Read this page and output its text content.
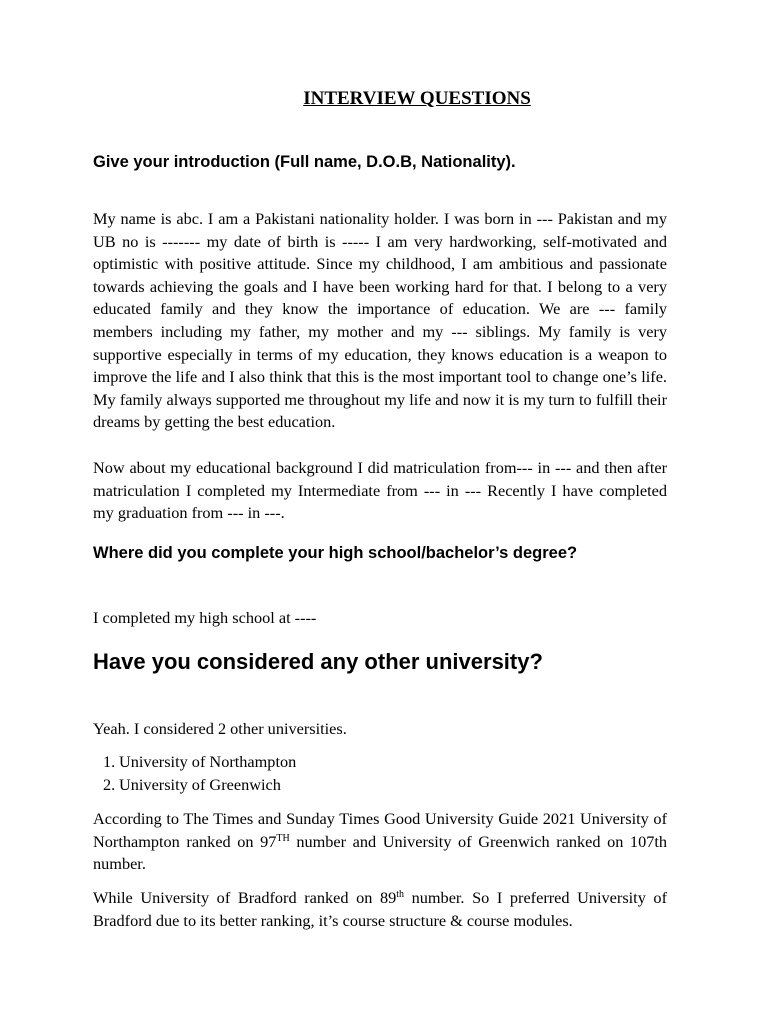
INTERVIEW QUESTIONS
Give your introduction (Full name, D.O.B, Nationality).

My name is abc. I am a Pakistani nationality holder. I was born in --- Pakistan and my UB no is ------- my date of birth is ----- I am very hardworking, self-motivated and optimistic with positive attitude. Since my childhood, I am ambitious and passionate towards achieving the goals and I have been working hard for that. I belong to a very educated family and they know the importance of education. We are --- family members including my father, my mother and my --- siblings. My family is very supportive especially in terms of my education, they knows education is a weapon to improve the life and I also think that this is the most important tool to change one’s life. My family always supported me throughout my life and now it is my turn to fulfill their dreams by getting the best education.

Now about my educational background I did matriculation from--- in --- and then after matriculation I completed my Intermediate from --- in --- Recently I have completed my graduation from --- in ---.

Where did you complete your high school/bachelor’s degree?

I completed my high school at ----

Have you considered any other university?

Yeah. I considered 2 other universities.

1. University of Northampton
2. University of Greenwich

According to The Times and Sunday Times Good University Guide 2021 University of Northampton ranked on 97TH number and University of Greenwich ranked on 107th number.

While University of Bradford ranked on 89th number. So I preferred University of Bradford due to its better ranking, it’s course structure & course modules.
